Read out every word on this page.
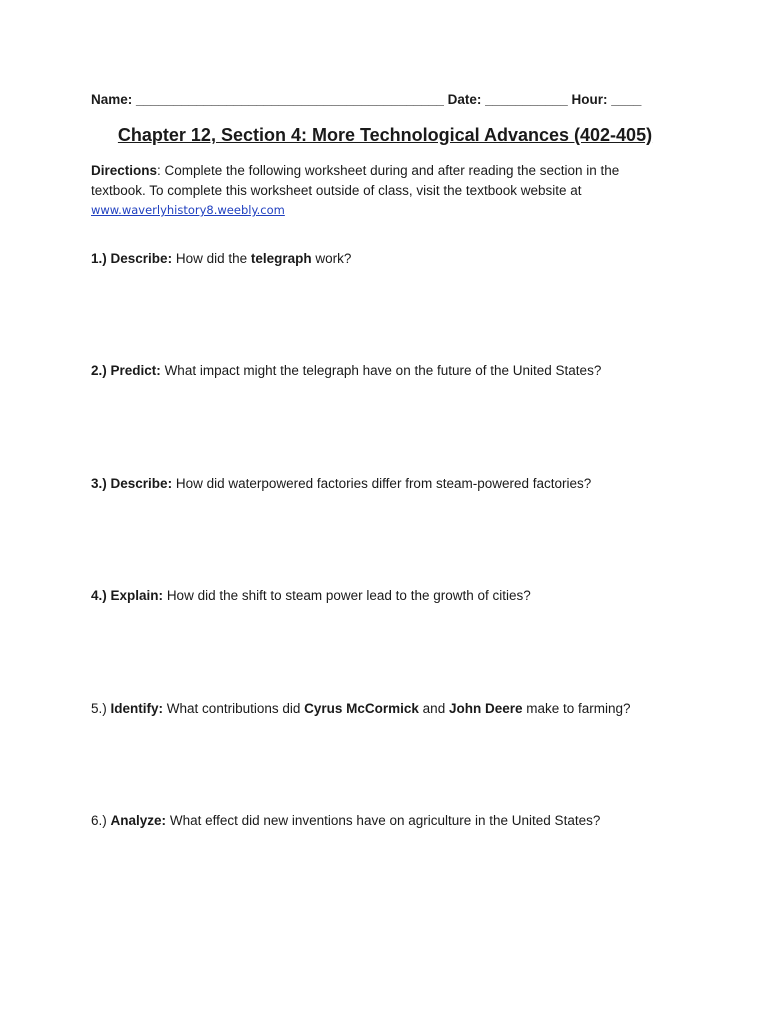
Name: _________________________________________ Date: ___________ Hour: ____
Chapter 12, Section 4: More Technological Advances (402-405)
Directions: Complete the following worksheet during and after reading the section in the textbook. To complete this worksheet outside of class, visit the textbook website at
www.waverlyhistory8.weebly.com
1.) Describe: How did the telegraph work?
2.) Predict: What impact might the telegraph have on the future of the United States?
3.) Describe: How did waterpowered factories differ from steam-powered factories?
4.) Explain: How did the shift to steam power lead to the growth of cities?
5.) Identify: What contributions did Cyrus McCormick and John Deere make to farming?
6.) Analyze: What effect did new inventions have on agriculture in the United States?
